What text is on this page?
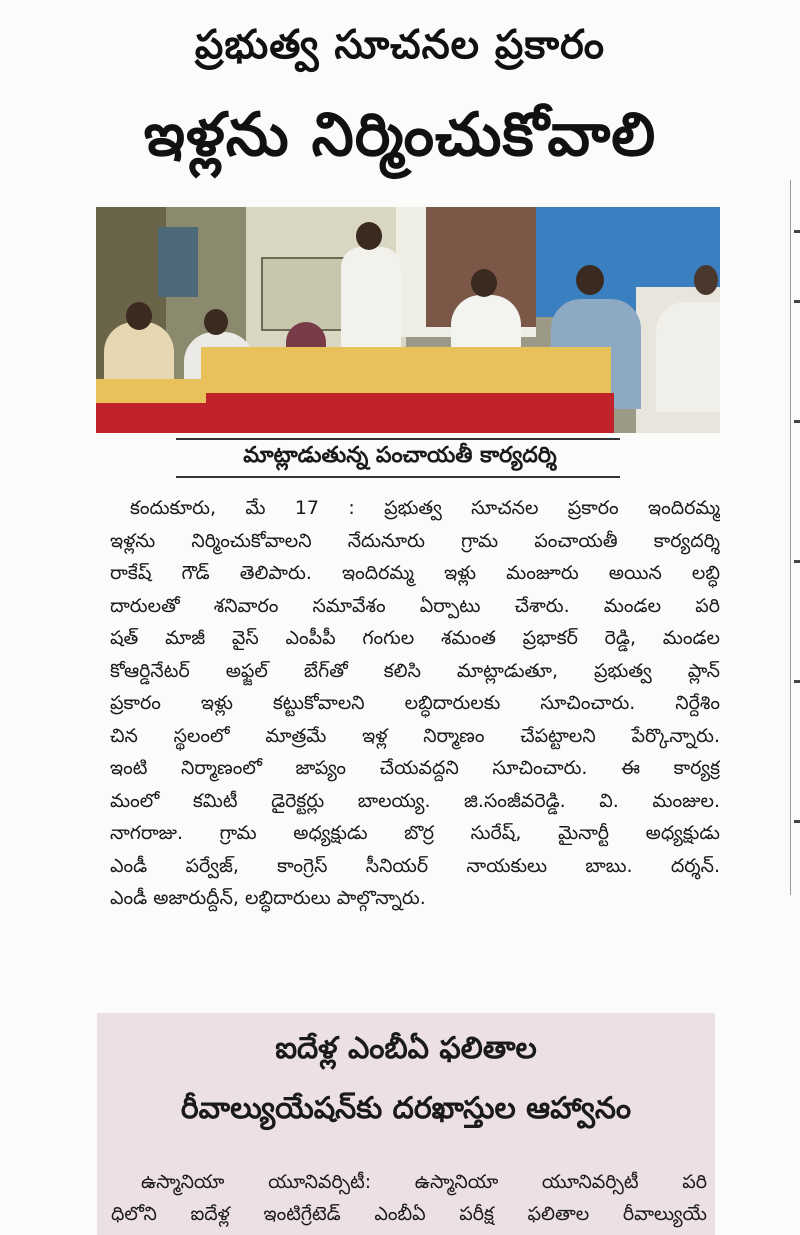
ప్రభుత్వ సూచనల ప్రకారం
ఇళ్లను నిర్మించుకోవాలి
మాట్లాడుతున్న పంచాయతీ కార్యదర్శి

కందుకూరు, మే 17 : ప్రభుత్వ సూచనల ప్రకారం ఇందిరమ్మ

ఇళ్లను నిర్మించుకోవాలని నేదునూరు గ్రామ పంచాయతీ కార్యదర్శి

రాకేష్ గౌడ్ తెలిపారు. ఇందిరమ్మ ఇళ్లు మంజూరు అయిన లబ్ధి

దారులతో శనివారం సమావేశం ఏర్పాటు చేశారు. మండల పరి

షత్ మాజీ వైస్ ఎంపీపీ గంగుల శమంత ప్రభాకర్ రెడ్డి, మండల

కోఆర్డినేటర్ అఫ్జల్ బేగ్‌తో కలిసి మాట్లాడుతూ, ప్రభుత్వ ప్లాన్

ప్రకారం ఇళ్లు కట్టుకోవాలని లబ్ధిదారులకు సూచించారు. నిర్దేశిం

చిన స్థలంలో మాత్రమే ఇళ్ల నిర్మాణం చేపట్టాలని పేర్కొన్నారు.

ఇంటి నిర్మాణంలో జాప్యం చేయవద్దని సూచించారు. ఈ కార్యక్ర

మంలో కమిటీ డైరెక్టర్లు బాలయ్య. జి.సంజీవరెడ్డి. వి. మంజుల.

నాగరాజు. గ్రామ అధ్యక్షుడు బొర్ర సురేష్, మైనార్టీ అధ్యక్షుడు

ఎండీ పర్వేజ్, కాంగ్రెస్ సీనియర్ నాయకులు బాబు. దర్శన్.

ఎండీ అజారుద్దీన్, లబ్ధిదారులు పాల్గొన్నారు.

ఐదేళ్ల ఎంబీఏ ఫలితాల
రీవాల్యుయేషన్‌కు దరఖాస్తుల ఆహ్వానం

ఉస్మానియా యూనివర్సిటీ: ఉస్మానియా యూనివర్సిటీ పరి

ధిలోని ఐదేళ్ల ఇంటిగ్రేటెడ్ ఎంబీఏ పరీక్ష ఫలితాల రీవాల్యుయే
